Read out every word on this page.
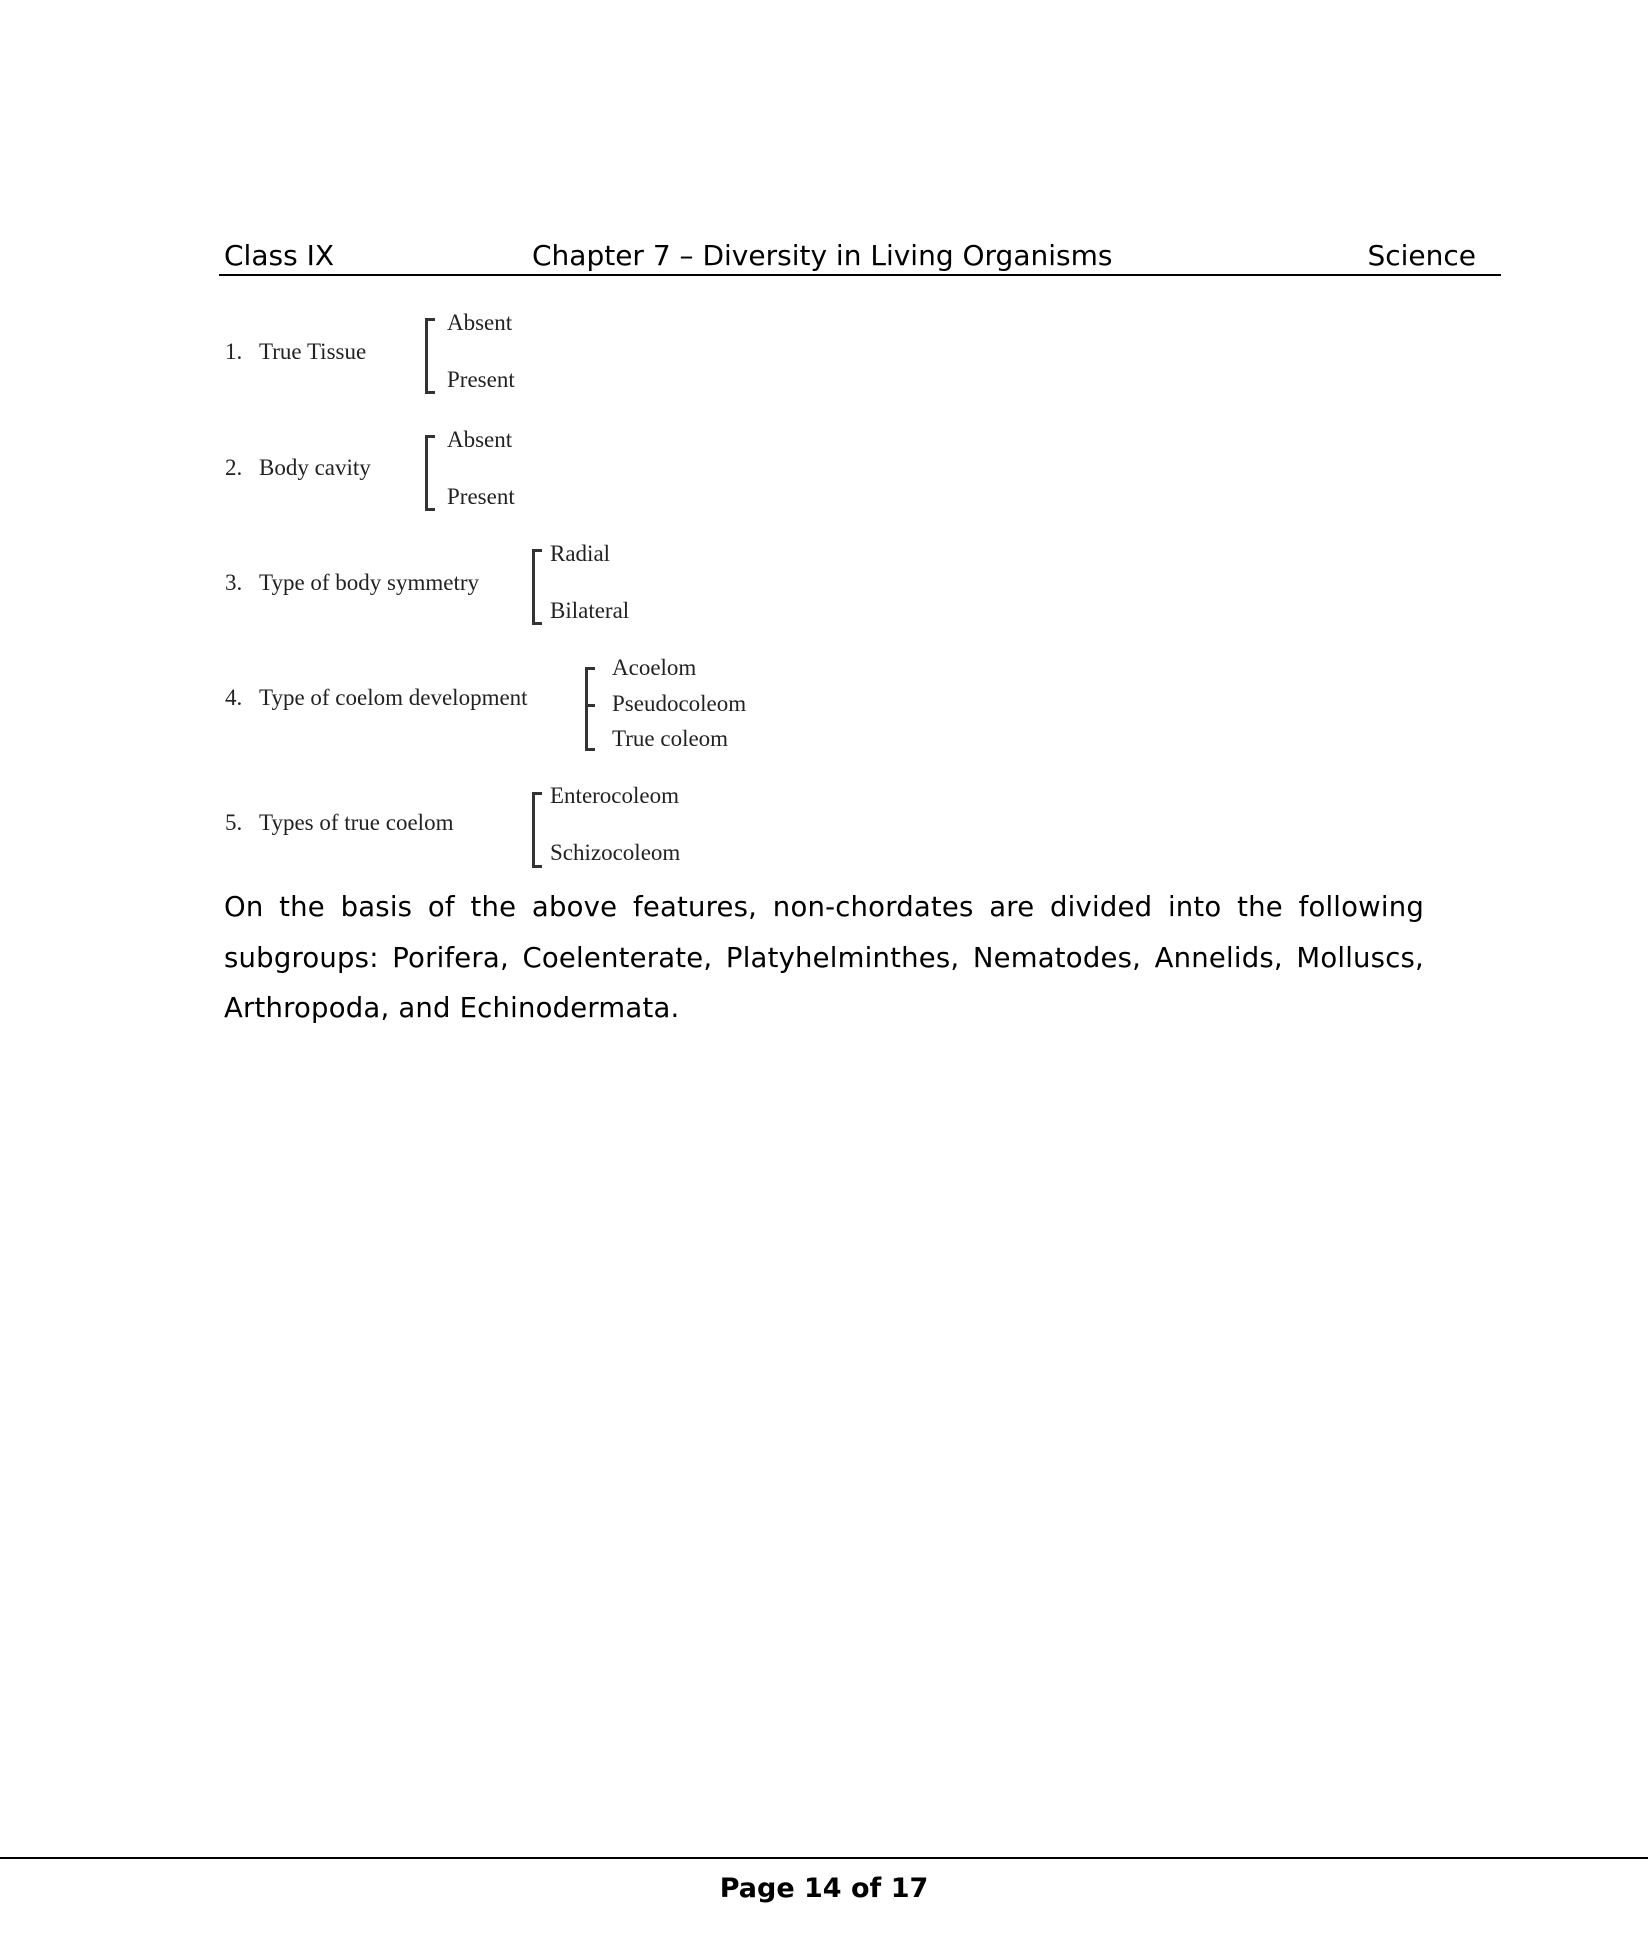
Class IX	Chapter 7 – Diversity in Living Organisms	Science
1. True Tissue
Absent
Present
2. Body cavity
Absent
Present
3. Type of body symmetry
Radial
Bilateral
4. Type of coelom development
Acoelom
Pseudocoleom
True coleom
5. Types of true coelom
Enterocoleom
Schizocoleom
On the basis of the above features, non-chordates are divided into the following subgroups: Porifera, Coelenterate, Platyhelminthes, Nematodes, Annelids, Molluscs, Arthropoda, and Echinodermata.
Page 14 of 17
